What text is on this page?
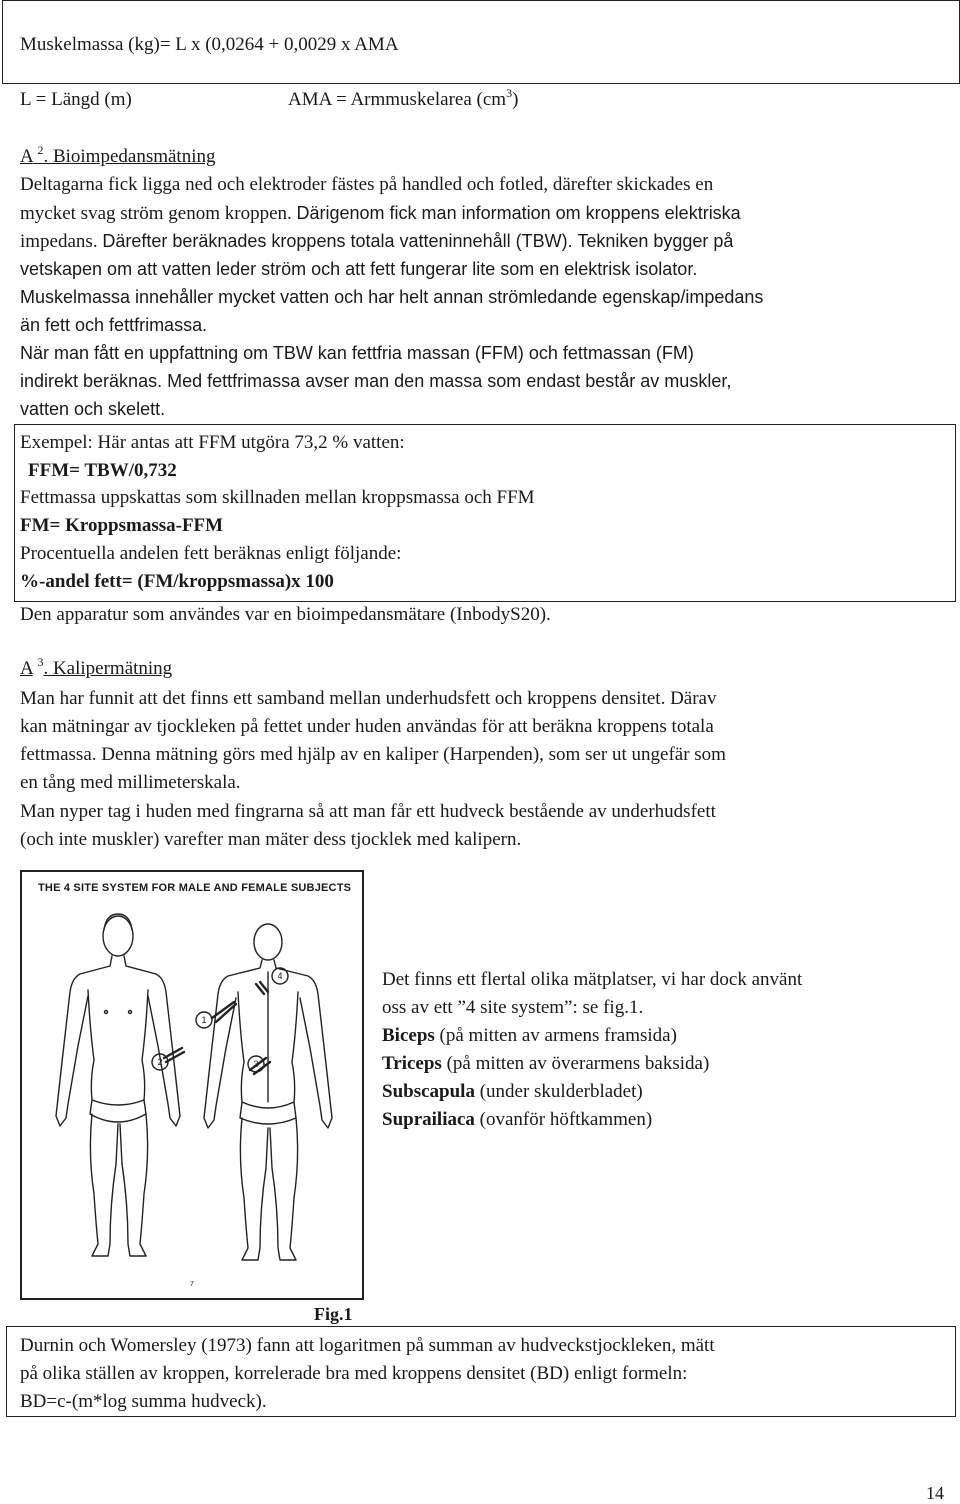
Muskelmassa (kg)= L x (0,0264 + 0,0029 x AMA
L = Längd (m)	AMA = Armmuskelarea $(cm^3)$
A $^2$. Bioimpedansmätning
Deltagarna fick ligga ned och elektroder fästes på handled och fotled, därefter skickades en
mycket svag ström genom kroppen. Därigenom fick man information om kroppens elektriska
impedans. Därefter beräknades kroppens totala vatteninnehåll (TBW). Tekniken bygger på
vetskapen om att vatten leder ström och att fett fungerar lite som en elektrisk isolator.
Muskelmassa innehåller mycket vatten och har helt annan strömledande egenskap/impedans
än fett och fettfrimassa.
När man fått en uppfattning om TBW kan fettfria massan (FFM) och fettmassan (FM)
indirekt beräknas. Med fettfrimassa avser man den massa som endast består av muskler,
vatten och skelett.
Exempel: Här antas att FFM utgöra 73,2 % vatten:
FFM= TBW/0,732
Fettmassa uppskattas som skillnaden mellan kroppsmassa och FFM
FM= Kroppsmassa-FFM
Procentuella andelen fett beräknas enligt följande:
%-andel fett= (FM/kroppsmassa)x 100
Den apparatur som användes var en bioimpedansmätare (InbodyS20).
A $^3$. Kalipermätning
Man har funnit att det finns ett samband mellan underhudsfett och kroppens densitet. Därav
kan mätningar av tjockleken på fettet under huden användas för att beräkna kroppens totala
fettmassa. Denna mätning görs med hjälp av en kaliper (Harpenden), som ser ut ungefär som
en tång med millimeterskala.
Man nyper tag i huden med fingrarna så att man får ett hudveck bestående av underhudsfett
(och inte muskler) varefter man mäter dess tjocklek med kalipern.
THE 4 SITE SYSTEM FOR MALE AND FEMALE SUBJECTS
1
2	3
4
7
Det finns ett flertal olika mätplatser, vi har dock använt
oss av ett ”4 site system”: se fig.1.
Biceps (på mitten av armens framsida)
Triceps (på mitten av överarmens baksida)
Subscapula (under skulderbladet)
Suprailiaca (ovanför höftkammen)
Fig.1
Durnin och Womersley (1973) fann att logaritmen på summan av hudveckstjockleken, mätt
på olika ställen av kroppen, korrelerade bra med kroppens densitet (BD) enligt formeln:
BD=c-(m*log summa hudveck).
14
